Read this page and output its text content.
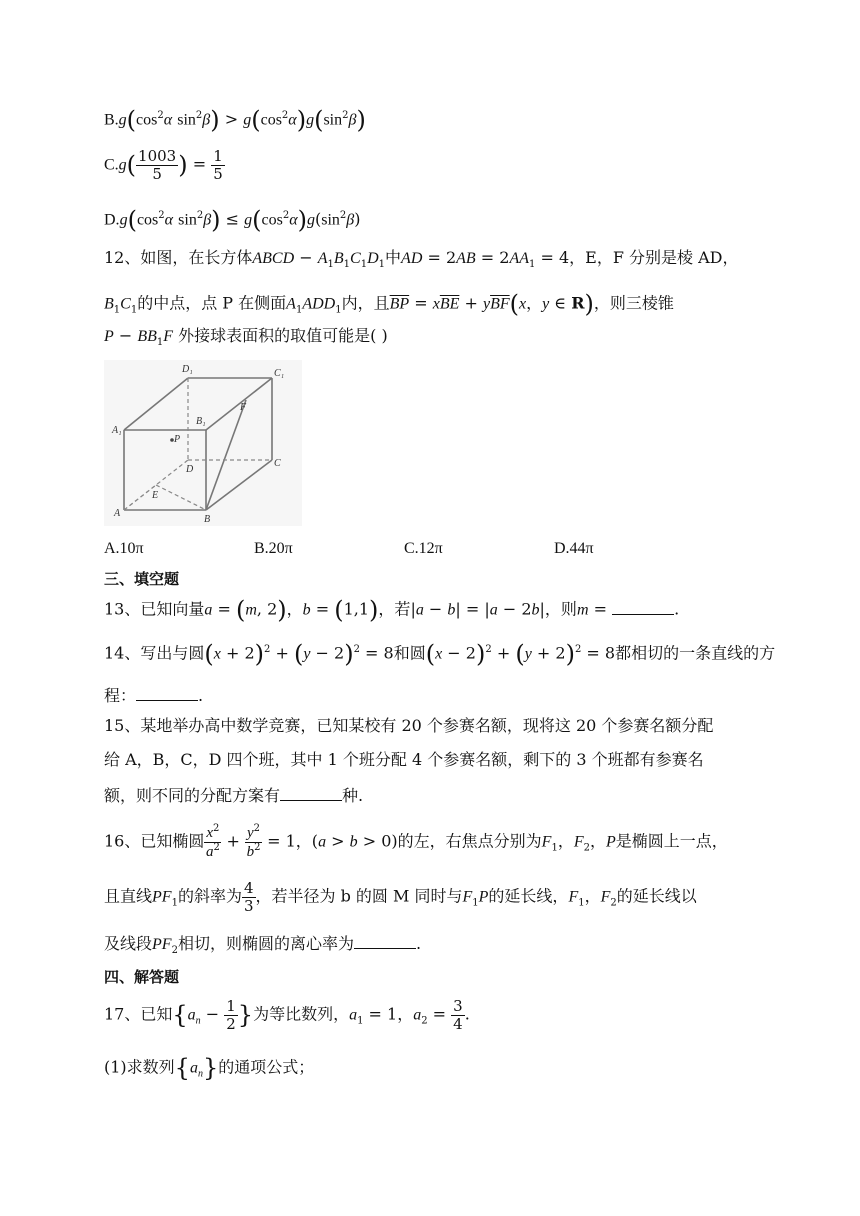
$B.g(\cos^2\alpha$ $\sin^2\beta) > g(\cos^2\alpha)g(\sin^2\beta)$
$C.g( \frac{1003}{5}$ ) = $\frac{1}{5}$
$D.g(\cos^2\alpha$ $\sin^2\beta) \le g(\cos^2\alpha)g(\sin^2\beta)$
12、如图，在长方体ABCD − $A_1B_1C_1D_1$中AD = $2AB = 2AA_1 = 4$，E，F 分别是棱 AD，
$B_1C_1$的中点，点 P 在侧面$A_1ADD_1$内，且$\overline{BP} = x\overline{BE} + y\overline{BF}(x$，y ∈ R)，则三棱锥
$P - BB_1F$ 外接球表面积的取值可能是( )
D₁	C₁
A₁
B₁
F
P
D
C
E
A
B
A.10π	B.20π	C.12π	D.44π
三、填空题
13、已知向量a = (m, 2)，b = (1,1)，若|a − b| = |a − 2b|，则m =	.
14、写出与圆$(x + 2)^2 + (y - 2)^2 = 8$和圆$(x - 2)^2 + (y + 2)^2 = 8$都相切的一条直线的方
程：	.
15、某地举办高中数学竞赛，已知某校有 20 个参赛名额，现将这 20 个参赛名额分配
给 A，B，C，D 四个班，其中 1 个班分配 4 个参赛名额，剩下的 3 个班都有参赛名
额，则不同的分配方案有	种.
16、已知椭圆 $\frac{x^2}{a^2} + \frac{y^2}{b^2} = 1$，(a > b > 0)的左，右焦点分别为$F_1$，$F_2$，P是椭圆上一点，
且直线$PF_1$的斜率为 $\frac{4}{3}$ ，若半径为 b 的圆 M 同时与$F_1P$的延长线，$F_1$，$F_2$的延长线以
及线段$PF_2$相切，则椭圆的离心率为	.
四、解答题
17、已知{$a_n - \frac{1}{2}$ }为等比数列，$a_1 = 1$，$a_2 = \frac{3}{4}$ .
(1)求数列$\{a_n\}$的通项公式；
